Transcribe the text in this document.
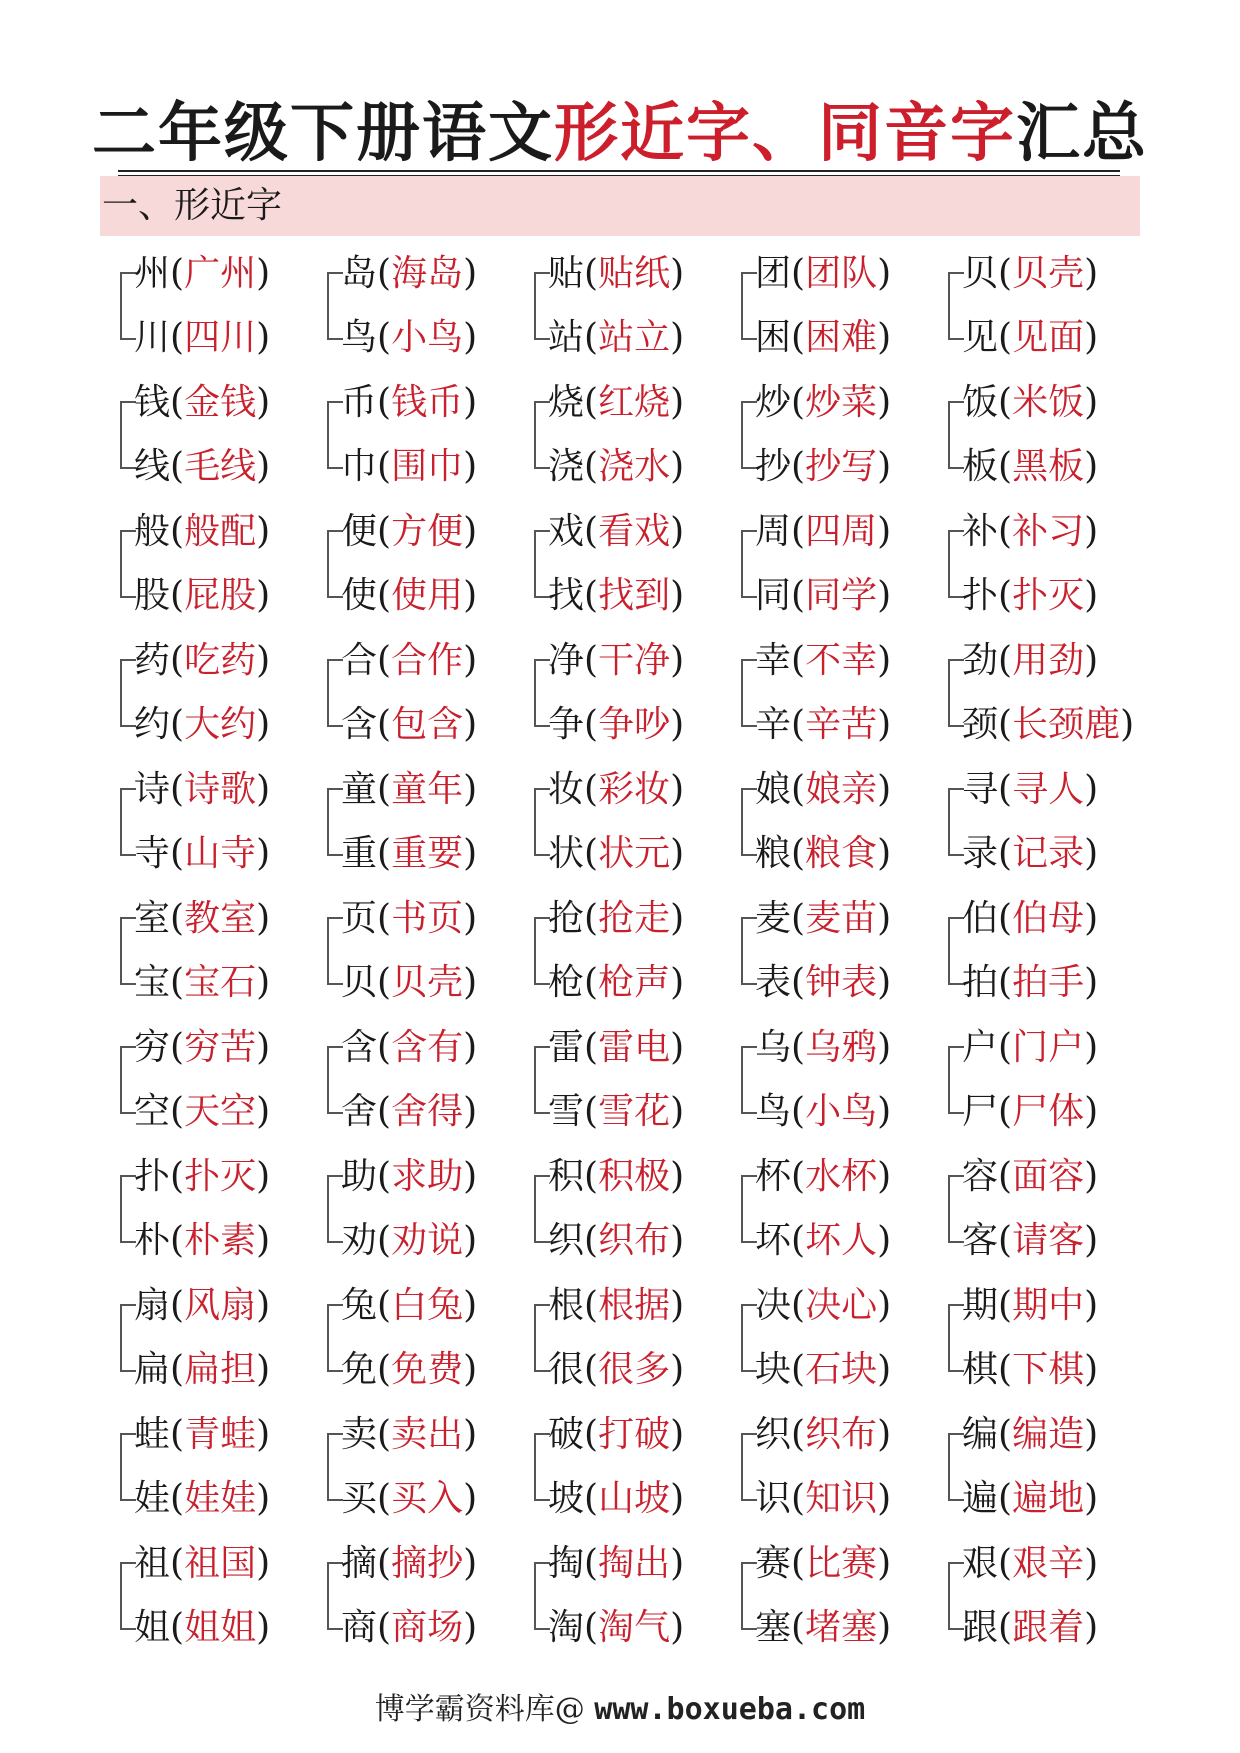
二年级下册语文形近字、同音字汇总
一、形近字
州(广州)
川(四川)
岛(海岛)
鸟(小鸟)
贴(贴纸)
站(站立)
团(团队)
困(困难)
贝(贝壳)
见(见面)
钱(金钱)
线(毛线)
币(钱币)
巾(围巾)
烧(红烧)
浇(浇水)
炒(炒菜)
抄(抄写)
饭(米饭)
板(黑板)
般(般配)
股(屁股)
便(方便)
使(使用)
戏(看戏)
找(找到)
周(四周)
同(同学)
补(补习)
扑(扑灭)
药(吃药)
约(大约)
合(合作)
含(包含)
净(干净)
争(争吵)
幸(不幸)
辛(辛苦)
劲(用劲)
颈(长颈鹿)
诗(诗歌)
寺(山寺)
童(童年)
重(重要)
妆(彩妆)
状(状元)
娘(娘亲)
粮(粮食)
寻(寻人)
录(记录)
室(教室)
宝(宝石)
页(书页)
贝(贝壳)
抢(抢走)
枪(枪声)
麦(麦苗)
表(钟表)
伯(伯母)
拍(拍手)
穷(穷苦)
空(天空)
含(含有)
舍(舍得)
雷(雷电)
雪(雪花)
乌(乌鸦)
鸟(小鸟)
户(门户)
尸(尸体)
扑(扑灭)
朴(朴素)
助(求助)
劝(劝说)
积(积极)
织(织布)
杯(水杯)
坏(坏人)
容(面容)
客(请客)
扇(风扇)
扁(扁担)
兔(白兔)
免(免费)
根(根据)
很(很多)
决(决心)
块(石块)
期(期中)
棋(下棋)
蛙(青蛙)
娃(娃娃)
卖(卖出)
买(买入)
破(打破)
坡(山坡)
织(织布)
识(知识)
编(编造)
遍(遍地)
祖(祖国)
姐(姐姐)
摘(摘抄)
商(商场)
掏(掏出)
淘(淘气)
赛(比赛)
塞(堵塞)
艰(艰辛)
跟(跟着)
博学霸资料库@ www.boxueba.com
